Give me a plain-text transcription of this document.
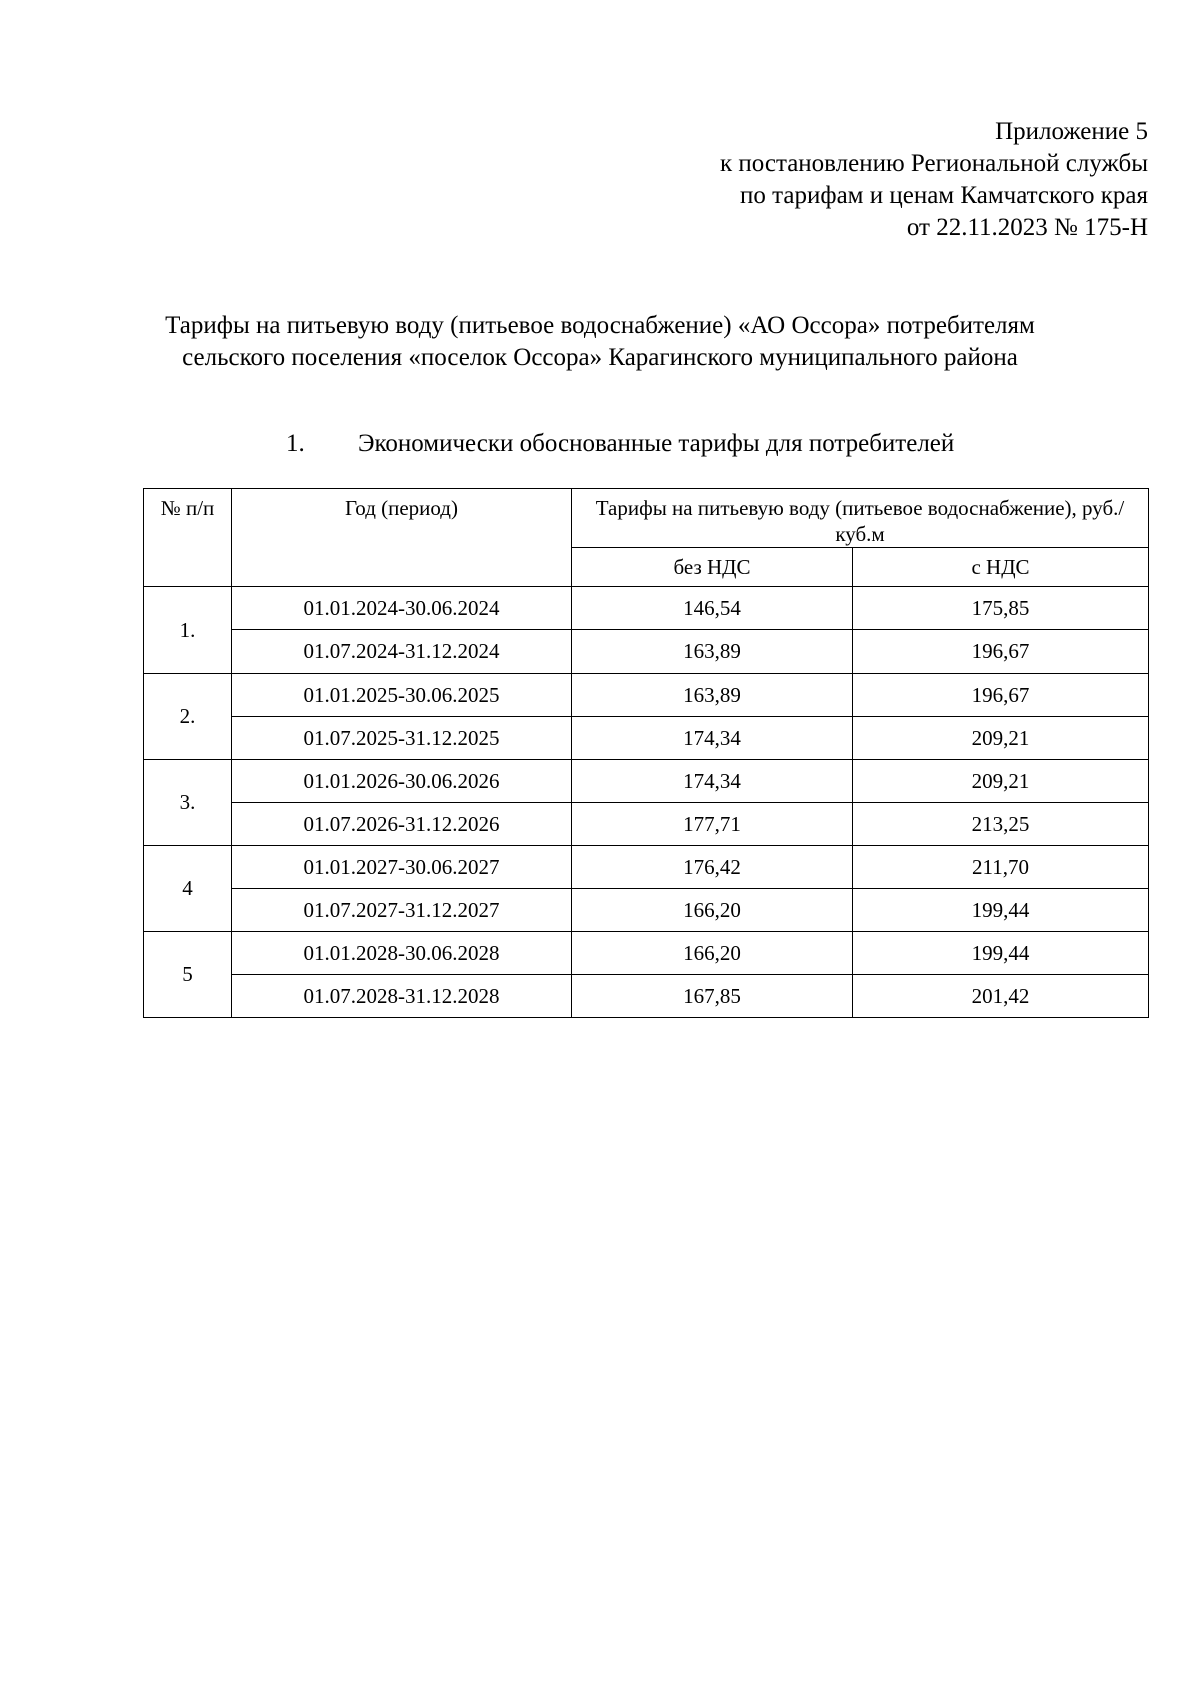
Приложение 5
к постановлению Региональной службы
по тарифам и ценам Камчатского края
от 22.11.2023 № 175-Н
Тарифы на питьевую воду (питьевое водоснабжение) «АО Оссора» потребителям
сельского поселения «поселок Оссора» Карагинского муниципального района
1. Экономически обоснованные тарифы для потребителей
№ п/п	Год (период)	Тарифы на питьевую воду (питьевое водоснабжение), руб./куб.м	
		без НДС	с НДС
1.	01.01.2024-30.06.2024	146,54	175,85
	01.07.2024-31.12.2024	163,89	196,67
2.	01.01.2025-30.06.2025	163,89	196,67
	01.07.2025-31.12.2025	174,34	209,21
3.	01.01.2026-30.06.2026	174,34	209,21
	01.07.2026-31.12.2026	177,71	213,25
4	01.01.2027-30.06.2027	176,42	211,70
	01.07.2027-31.12.2027	166,20	199,44
5	01.01.2028-30.06.2028	166,20	199,44
	01.07.2028-31.12.2028	167,85	201,42
